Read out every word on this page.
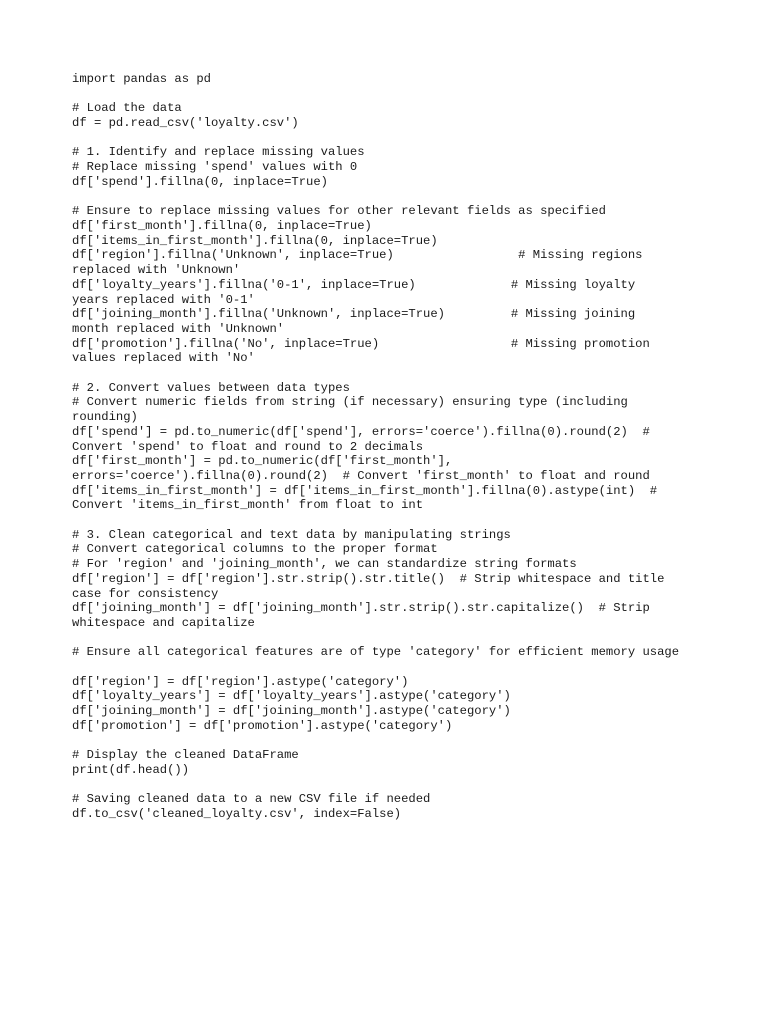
import pandas as pd
# Load the data
df = pd.read_csv('loyalty.csv')
# 1. Identify and replace missing values
# Replace missing 'spend' values with 0
df['spend'].fillna(0, inplace=True)
# Ensure to replace missing values for other relevant fields as specified
df['first_month'].fillna(0, inplace=True)
df['items_in_first_month'].fillna(0, inplace=True)
df['region'].fillna('Unknown', inplace=True)                 # Missing regions
replaced with 'Unknown'
df['loyalty_years'].fillna('0-1', inplace=True)             # Missing loyalty
years replaced with '0-1'
df['joining_month'].fillna('Unknown', inplace=True)         # Missing joining
month replaced with 'Unknown'
df['promotion'].fillna('No', inplace=True)                  # Missing promotion
values replaced with 'No'
# 2. Convert values between data types
# Convert numeric fields from string (if necessary) ensuring type (including
rounding)
df['spend'] = pd.to_numeric(df['spend'], errors='coerce').fillna(0).round(2)  #
Convert 'spend' to float and round to 2 decimals
df['first_month'] = pd.to_numeric(df['first_month'],
errors='coerce').fillna(0).round(2)  # Convert 'first_month' to float and round
df['items_in_first_month'] = df['items_in_first_month'].fillna(0).astype(int)  #
Convert 'items_in_first_month' from float to int
# 3. Clean categorical and text data by manipulating strings
# Convert categorical columns to the proper format
# For 'region' and 'joining_month', we can standardize string formats
df['region'] = df['region'].str.strip().str.title()  # Strip whitespace and title
case for consistency
df['joining_month'] = df['joining_month'].str.strip().str.capitalize()  # Strip
whitespace and capitalize
# Ensure all categorical features are of type 'category' for efficient memory usage
df['region'] = df['region'].astype('category')
df['loyalty_years'] = df['loyalty_years'].astype('category')
df['joining_month'] = df['joining_month'].astype('category')
df['promotion'] = df['promotion'].astype('category')
# Display the cleaned DataFrame
print(df.head())
# Saving cleaned data to a new CSV file if needed
df.to_csv('cleaned_loyalty.csv', index=False)
